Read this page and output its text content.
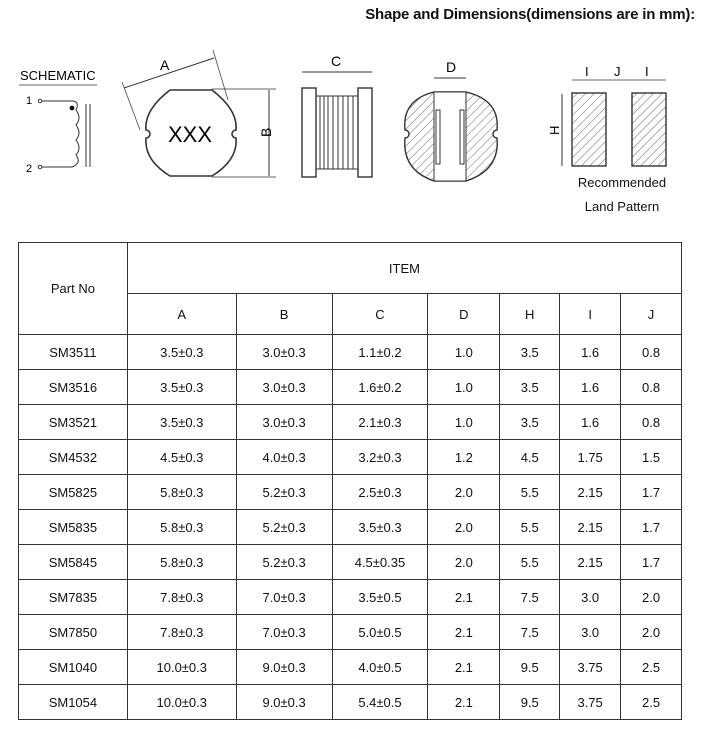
Shape and Dimensions(dimensions are in mm):
SCHEMATIC
1
2
XXX
A
B
C	D	I J I
H
Recommended
Land Pattern
Part No	ITEM						
	A	B	C	D	H	I	J
SM3511	3.5±0.3	3.0±0.3	1.1±0.2	1.0	3.5	1.6	0.8
SM3516	3.5±0.3	3.0±0.3	1.6±0.2	1.0	3.5	1.6	0.8
SM3521	3.5±0.3	3.0±0.3	2.1±0.3	1.0	3.5	1.6	0.8
SM4532	4.5±0.3	4.0±0.3	3.2±0.3	1.2	4.5	1.75	1.5
SM5825	5.8±0.3	5.2±0.3	2.5±0.3	2.0	5.5	2.15	1.7
SM5835	5.8±0.3	5.2±0.3	3.5±0.3	2.0	5.5	2.15	1.7
SM5845	5.8±0.3	5.2±0.3	4.5±0.35	2.0	5.5	2.15	1.7
SM7835	7.8±0.3	7.0±0.3	3.5±0.5	2.1	7.5	3.0	2.0
SM7850	7.8±0.3	7.0±0.3	5.0±0.5	2.1	7.5	3.0	2.0
SM1040	10.0±0.3	9.0±0.3	4.0±0.5	2.1	9.5	3.75	2.5
SM1054	10.0±0.3	9.0±0.3	5.4±0.5	2.1	9.5	3.75	2.5
